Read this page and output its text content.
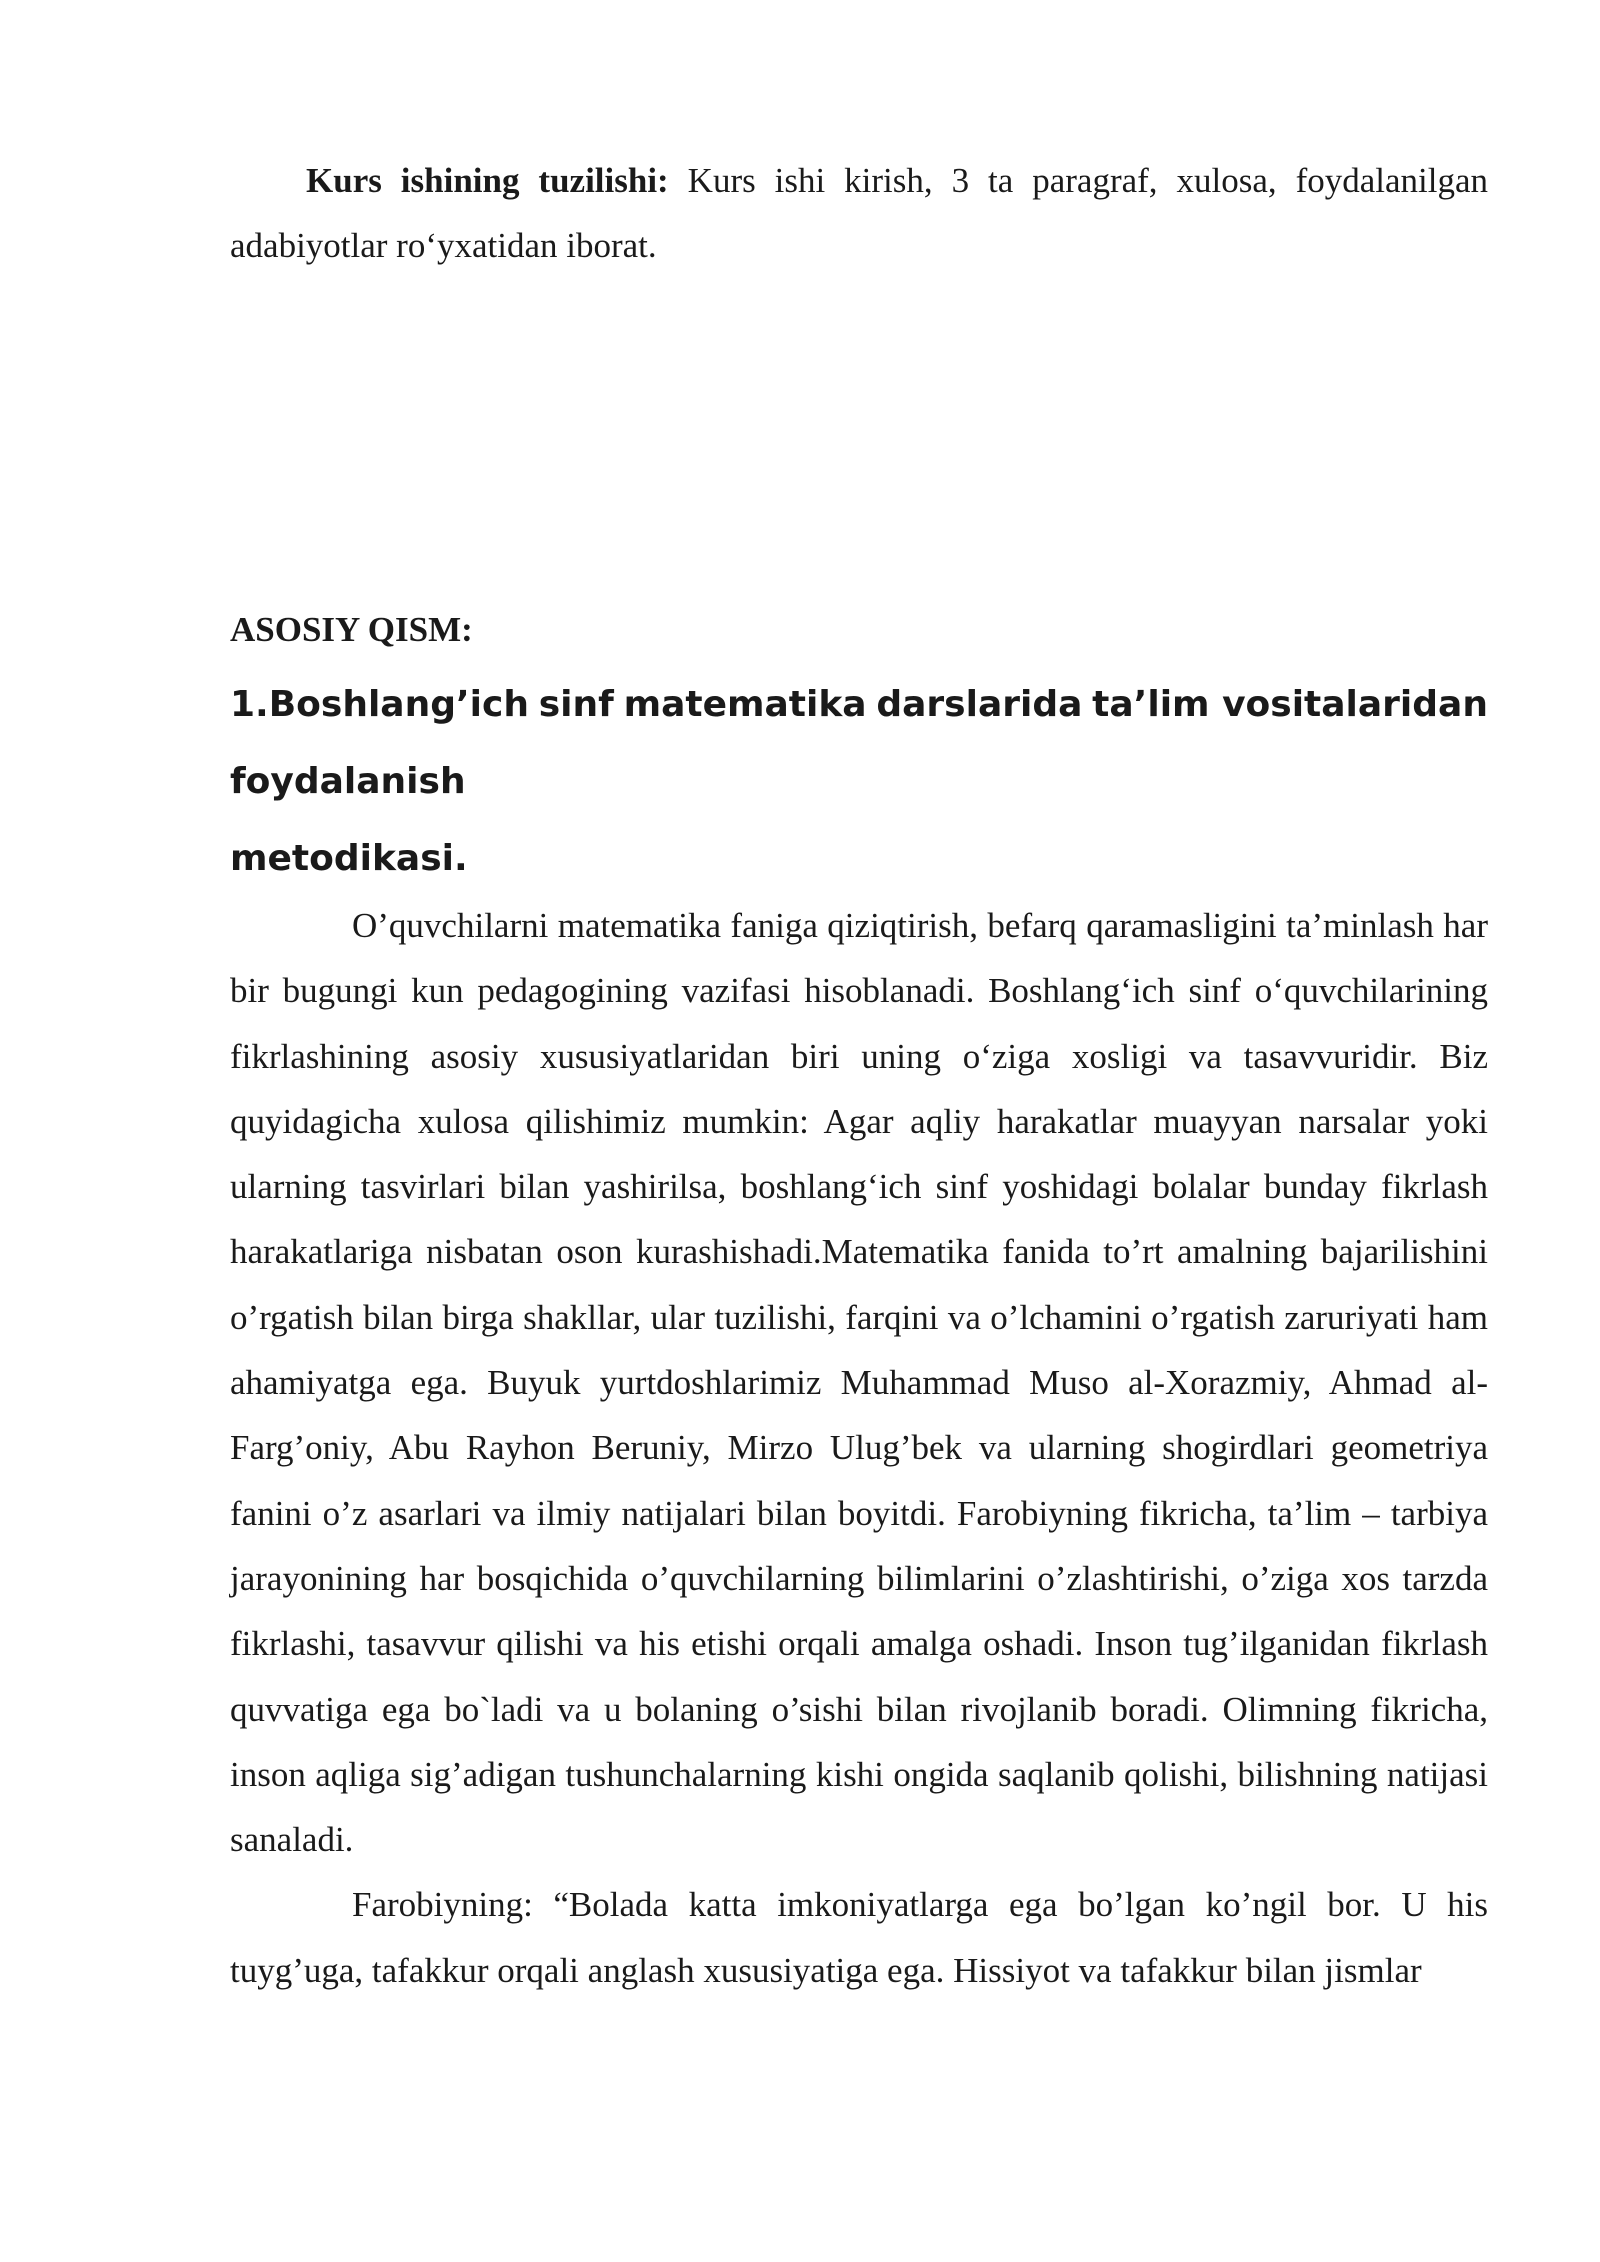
Kurs ishining tuzilishi: Kurs ishi kirish, 3 ta paragraf, xulosa, foydalanilgan adabiyotlar ro‘yxatidan iborat.

ASOSIY QISM:

1.Boshlang’ich sinf matematika darslarida ta’lim vositalaridan
foydalanish
metodikasi.

O’quvchilarni matematika faniga qiziqtirish, befarq qaramasligini ta’minlash har bir bugungi kun pedagogining vazifasi hisoblanadi. Boshlang‘ich sinf o‘quvchilarining fikrlashining asosiy xususiyatlaridan biri uning o‘ziga xosligi va tasavvuridir. Biz quyidagicha xulosa qilishimiz mumkin: Agar aqliy harakatlar muayyan narsalar yoki ularning tasvirlari bilan yashirilsa, boshlang‘ich sinf yoshidagi bolalar bunday fikrlash harakatlariga nisbatan oson kurashishadi.Matematika fanida to’rt amalning bajarilishini o’rgatish bilan birga shakllar, ular tuzilishi, farqini va o’lchamini o’rgatish zaruriyati ham ahamiyatga ega. Buyuk yurtdoshlarimiz Muhammad Muso al-Xorazmiy, Ahmad al-Farg’oniy, Abu Rayhon Beruniy, Mirzo Ulug’bek va ularning shogirdlari geometriya fanini o’z asarlari va ilmiy natijalari bilan boyitdi. Farobiyning fikricha, ta’lim – tarbiya jarayonining har bosqichida o’quvchilarning bilimlarini o’zlashtirishi, o’ziga xos tarzda fikrlashi, tasavvur qilishi va his etishi orqali amalga oshadi. Inson tug’ilganidan fikrlash quvvatiga ega bo`ladi va u bolaning o’sishi bilan rivojlanib boradi. Olimning fikricha, inson aqliga sig’adigan tushunchalarning kishi ongida saqlanib qolishi, bilishning natijasi sanaladi.

Farobiyning: “Bolada katta imkoniyatlarga ega bo’lgan ko’ngil bor. U his tuyg’uga, tafakkur orqali anglash xususiyatiga ega. Hissiyot va tafakkur bilan jismlar
